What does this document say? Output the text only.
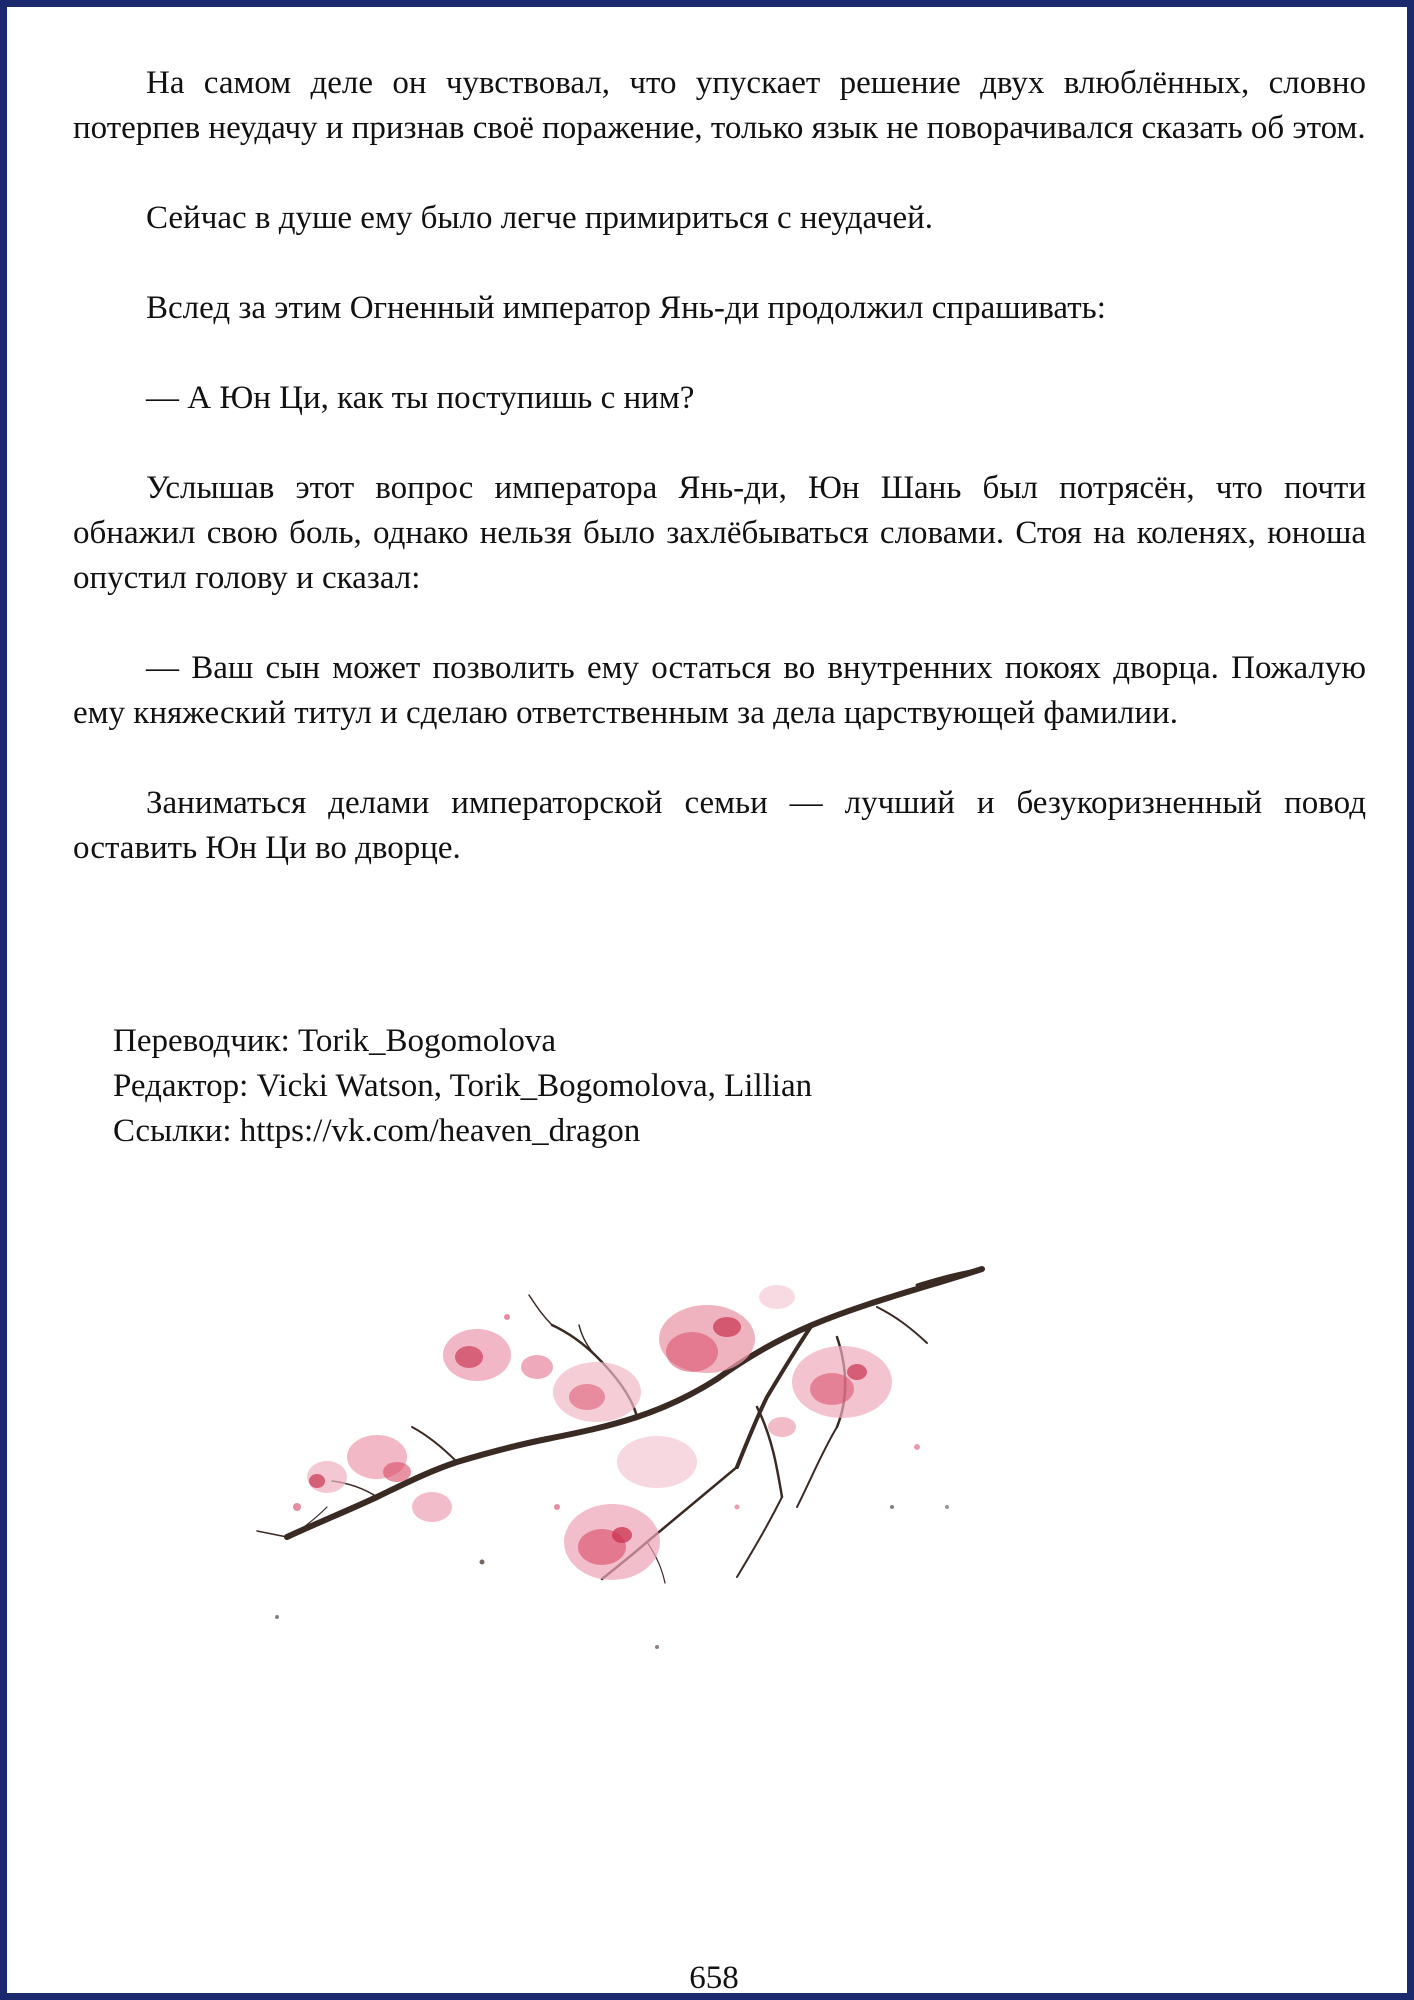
На самом деле он чувствовал, что упускает решение двух влюблённых, словно потерпев неудачу и признав своё поражение, только язык не поворачивался сказать об этом.

Сейчас в душе ему было легче примириться с неудачей.

Вслед за этим Огненный император Янь-ди продолжил спрашивать:

— А Юн Ци, как ты поступишь с ним?

Услышав этот вопрос императора Янь-ди, Юн Шань был потрясён, что почти обнажил свою боль, однако нельзя было захлёбываться словами. Стоя на коленях, юноша опустил голову и сказал:

— Ваш сын может позволить ему остаться во внутренних покоях дворца. Пожалую ему княжеский титул и сделаю ответственным за дела царствующей фамилии.

Заниматься делами императорской семьи — лучший и безукоризненный повод оставить Юн Ци во дворце.

Переводчик: Torik_Bogomolova
Редактор: Vicki Watson, Torik_Bogomolova, Lillian
Ссылки: https://vk.com/heaven_dragon
658
